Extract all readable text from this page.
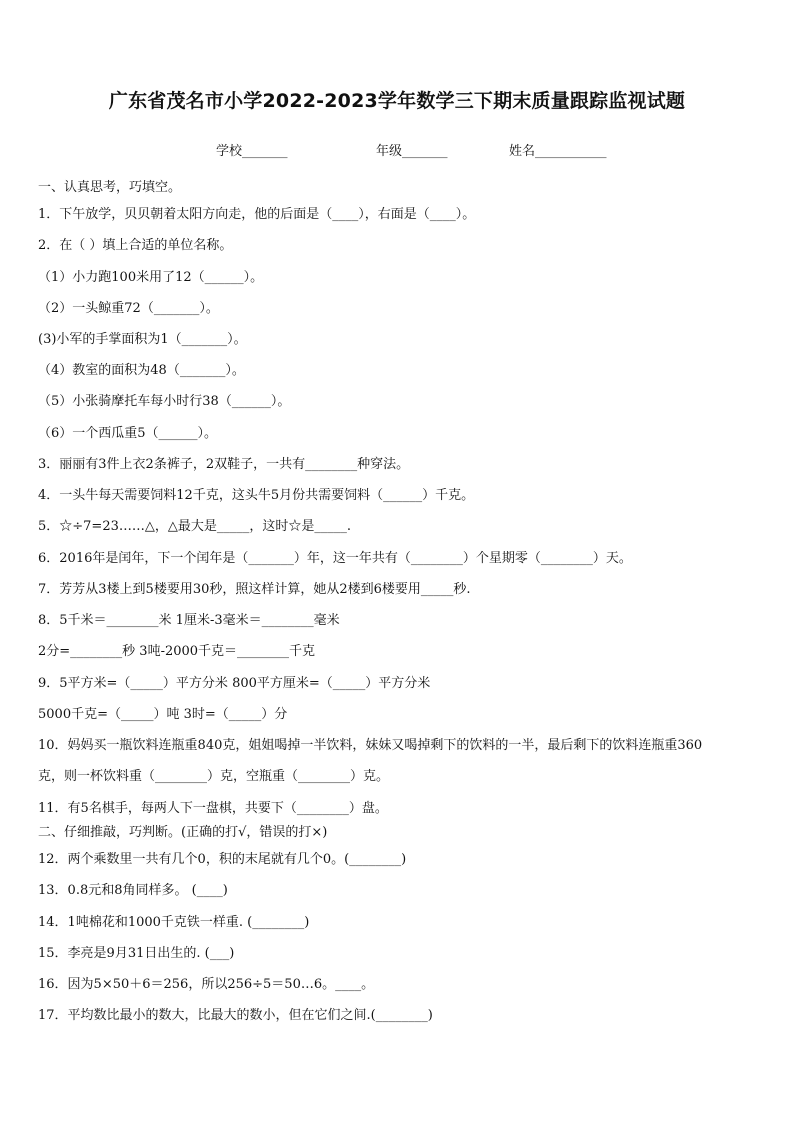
广东省茂名市小学2022-2023学年数学三下期末质量跟踪监视试题
学校_______	年级_______	姓名___________
一、认真思考，巧填空。
1．下午放学，贝贝朝着太阳方向走，他的后面是（____），右面是（____）。
2．在（ ）填上合适的单位名称。
（1）小力跑100米用了12（______）。
（2）一头鲸重72（_______）。
(3)小军的手掌面积为1（_______）。
（4）教室的面积为48（_______）。
（5）小张骑摩托车每小时行38（______）。
（6）一个西瓜重5（______）。
3．丽丽有3件上衣2条裤子，2双鞋子，一共有________种穿法。
4．一头牛每天需要饲料12千克，这头牛5月份共需要饲料（______）千克。
5．☆÷7=23……△，△最大是_____，这时☆是_____.
6．2016年是闰年，下一个闰年是（_______）年，这一年共有（________）个星期零（________）天。
7．芳芳从3楼上到5楼要用30秒，照这样计算，她从2楼到6楼要用_____秒.
8．5千米＝________米 1厘米-3毫米＝________毫米
2分=________秒 3吨-2000千克＝________千克
9．5平方米=（_____）平方分米 800平方厘米=（_____）平方分米
5000千克=（_____）吨 3时=（_____）分
10．妈妈买一瓶饮料连瓶重840克，姐姐喝掉一半饮料，妹妹又喝掉剩下的饮料的一半，最后剩下的饮料连瓶重360
克，则一杯饮料重（________）克，空瓶重（________）克。
11．有5名棋手，每两人下一盘棋，共要下（________）盘。
二、仔细推敲，巧判断。(正确的打√，错误的打×)
12．两个乘数里一共有几个0，积的末尾就有几个0。(________)
13．0.8元和8角同样多。 (____)
14．1吨棉花和1000千克铁一样重. (________)
15．李亮是9月31日出生的. (___)
16．因为5×50＋6＝256，所以256÷5＝50…6。____。
17．平均数比最小的数大，比最大的数小，但在它们之间.(________)
